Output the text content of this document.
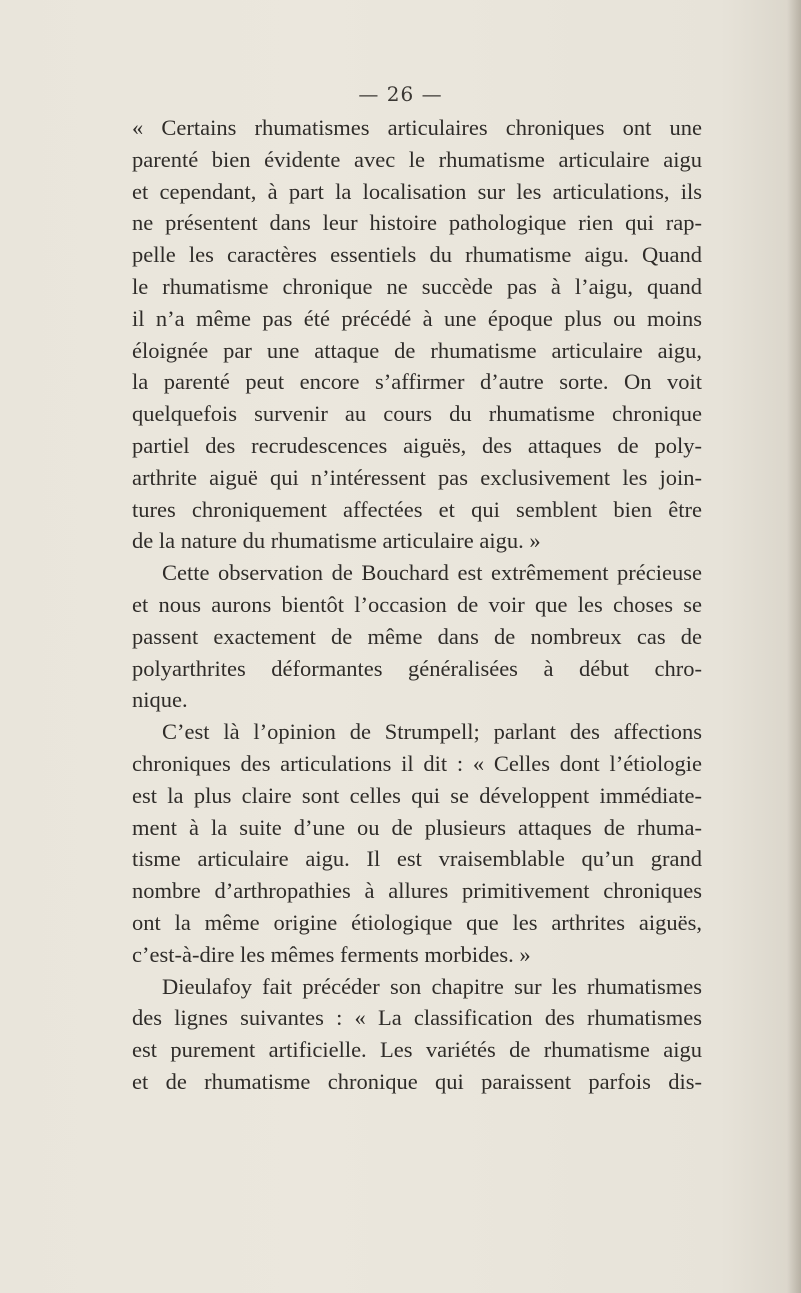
— 26 —
« Certains rhumatismes articulaires chroniques ont une
parenté bien évidente avec le rhumatisme articulaire aigu
et cependant, à part la localisation sur les articulations, ils
ne présentent dans leur histoire pathologique rien qui rap-
pelle les caractères essentiels du rhumatisme aigu. Quand
le rhumatisme chronique ne succède pas à l’aigu, quand
il n’a même pas été précédé à une époque plus ou moins
éloignée par une attaque de rhumatisme articulaire aigu,
la parenté peut encore s’affirmer d’autre sorte. On voit
quelquefois survenir au cours du rhumatisme chronique
partiel des recrudescences aiguës, des attaques de poly-
arthrite aiguë qui n’intéressent pas exclusivement les join-
tures chroniquement affectées et qui semblent bien être
de la nature du rhumatisme articulaire aigu. »
Cette observation de Bouchard est extrêmement précieuse
et nous aurons bientôt l’occasion de voir que les choses se
passent exactement de même dans de nombreux cas de
polyarthrites déformantes généralisées à début chro-
nique.
C’est là l’opinion de Strumpell; parlant des affections
chroniques des articulations il dit : « Celles dont l’étiologie
est la plus claire sont celles qui se développent immédiate-
ment à la suite d’une ou de plusieurs attaques de rhuma-
tisme articulaire aigu. Il est vraisemblable qu’un grand
nombre d’arthropathies à allures primitivement chroniques
ont la même origine étiologique que les arthrites aiguës,
c’est-à-dire les mêmes ferments morbides. »
Dieulafoy fait précéder son chapitre sur les rhumatismes
des lignes suivantes : « La classification des rhumatismes
est purement artificielle. Les variétés de rhumatisme aigu
et de rhumatisme chronique qui paraissent parfois dis-
